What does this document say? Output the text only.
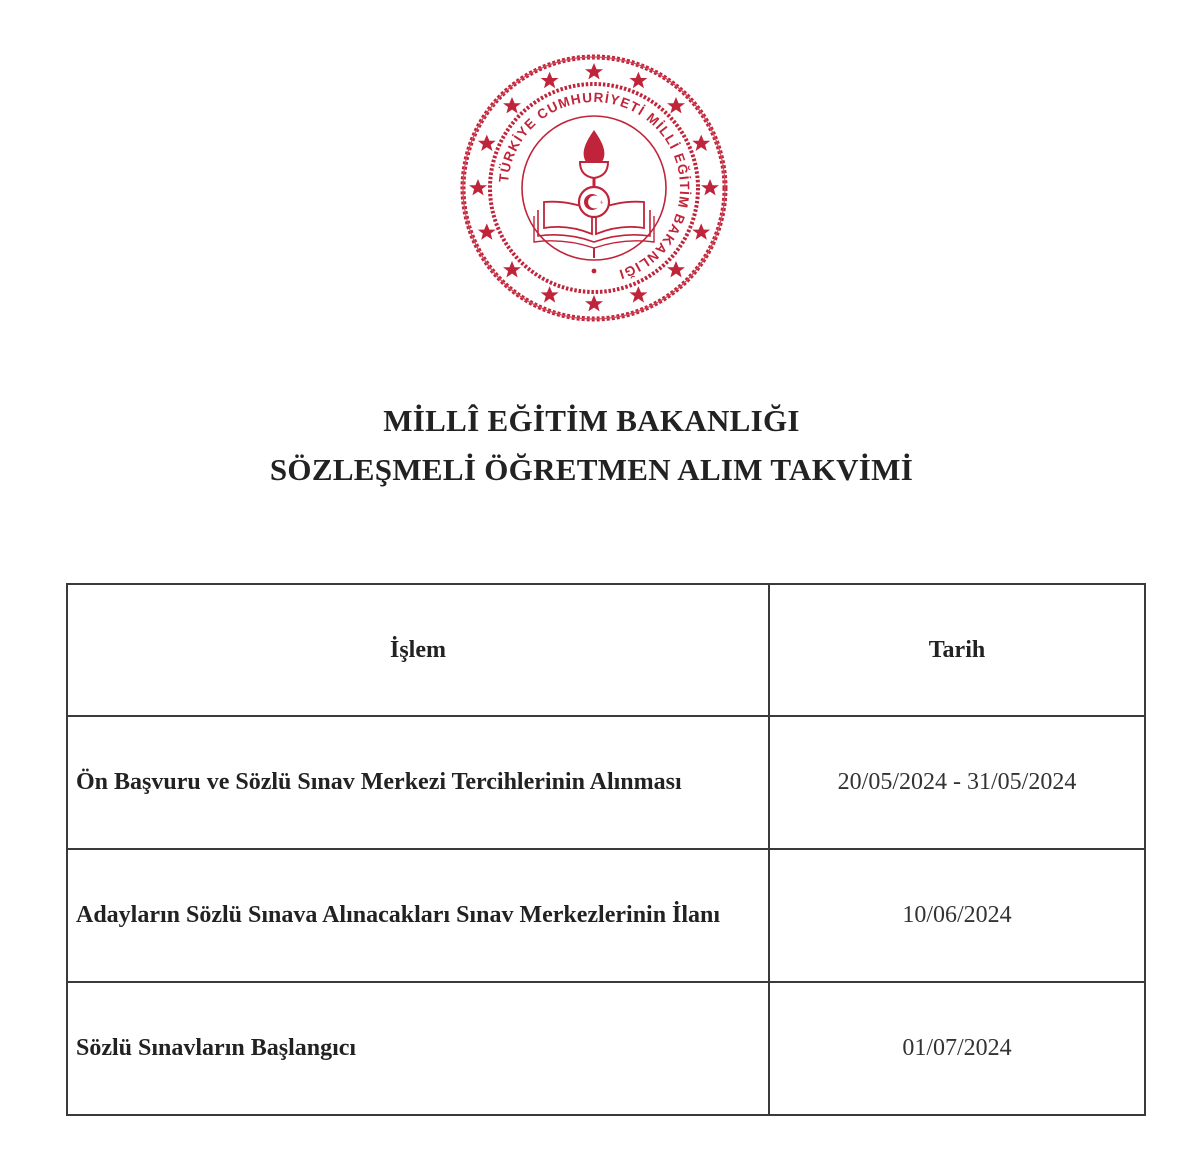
TÜRKİYE CUMHURİYETİ MİLLİ EĞİTİM BAKANLIĞI
MİLLÎ EĞİTİM BAKANLIĞI
SÖZLEŞMELİ ÖĞRETMEN ALIM TAKVİMİ
İşlem	Tarih
Ön Başvuru ve Sözlü Sınav Merkezi Tercihlerinin Alınması	20/05/2024 - 31/05/2024
Adayların Sözlü Sınava Alınacakları Sınav Merkezlerinin İlanı	10/06/2024
Sözlü Sınavların Başlangıcı	01/07/2024
